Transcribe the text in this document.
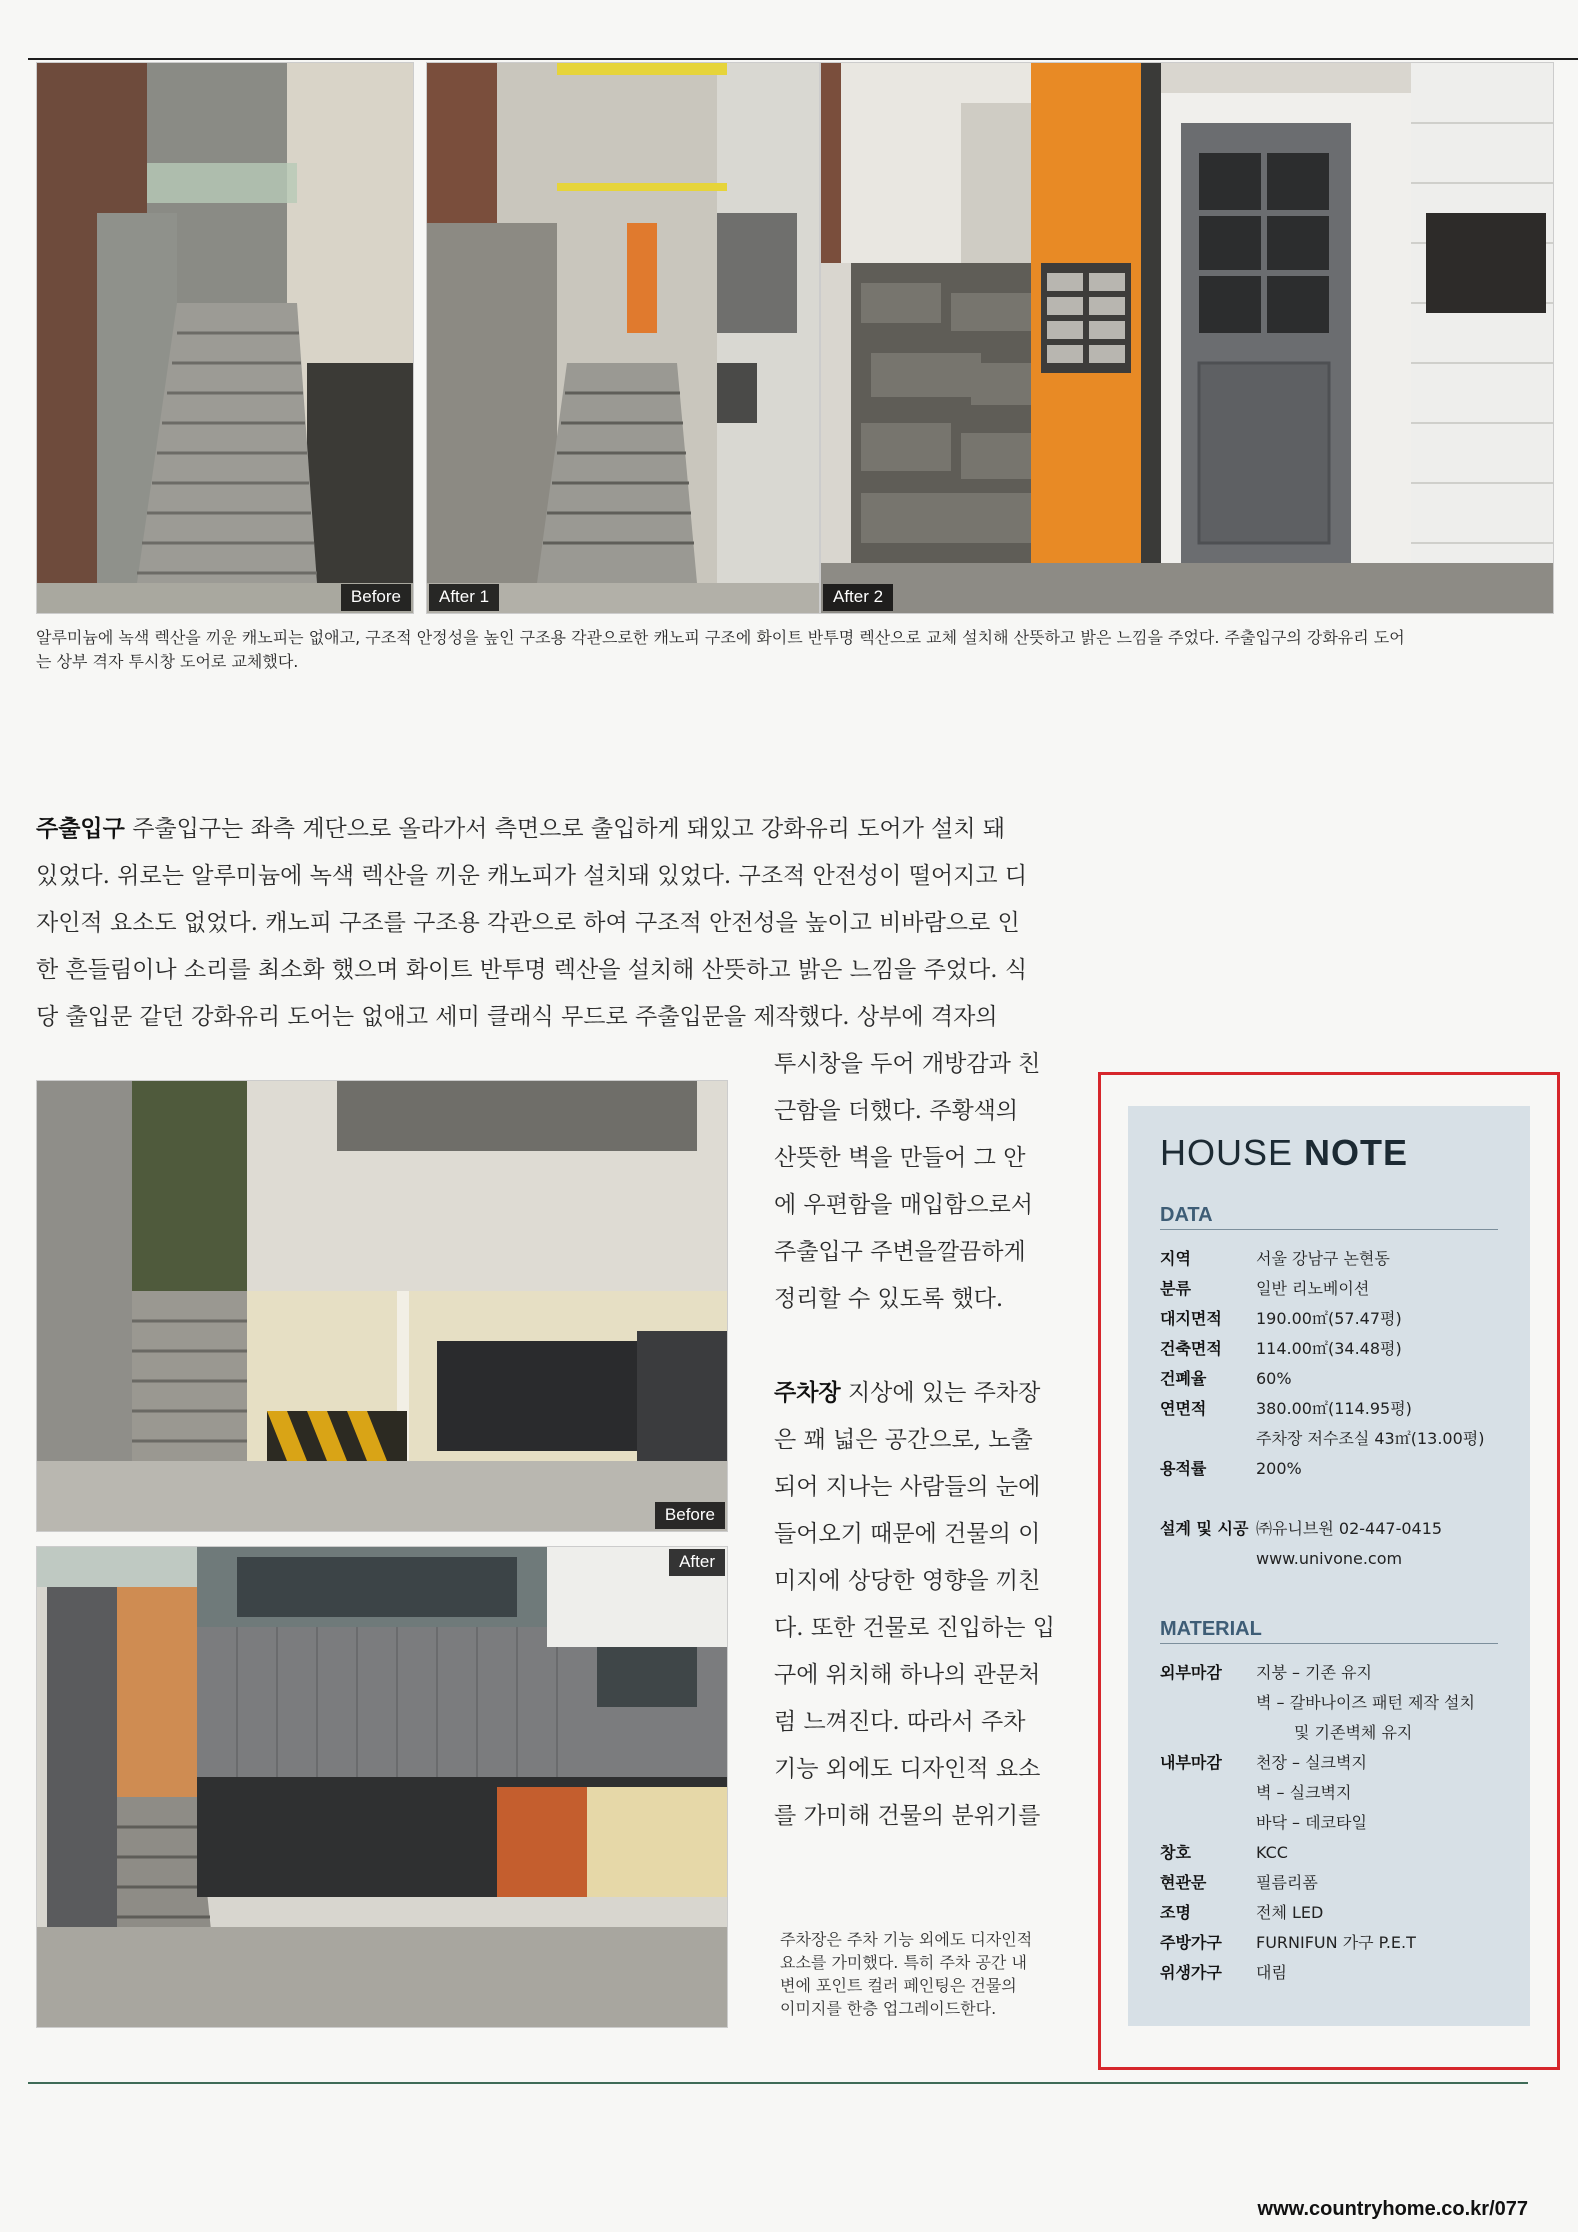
Before	After 1	After 2
알루미늄에 녹색 렉산을 끼운 캐노피는 없애고, 구조적 안정성을 높인 구조용 각관으로한 캐노피 구조에 화이트 반투명 렉산으로 교체 설치해 산뜻하고 밝은 느낌을 주었다. 주출입구의 강화유리 도어
는 상부 격자 투시창 도어로 교체했다.
주출입구 주출입구는 좌측 계단으로 올라가서 측면으로 출입하게 돼있고 강화유리 도어가 설치 돼
있었다. 위로는 알루미늄에 녹색 렉산을 끼운 캐노피가 설치돼 있었다. 구조적 안전성이 떨어지고 디
자인적 요소도 없었다. 캐노피 구조를 구조용 각관으로 하여 구조적 안전성을 높이고 비바람으로 인
한 흔들림이나 소리를 최소화 했으며 화이트 반투명 렉산을 설치해 산뜻하고 밝은 느낌을 주었다. 식
당 출입문 같던 강화유리 도어는 없애고 세미 클래식 무드로 주출입문을 제작했다. 상부에 격자의
투시창을 두어 개방감과 친
근함을 더했다. 주황색의
산뜻한 벽을 만들어 그 안
에 우편함을 매입함으로서
주출입구 주변을깔끔하게
정리할 수 있도록 했다.
주차장 지상에 있는 주차장
은 꽤 넓은 공간으로, 노출
되어 지나는 사람들의 눈에
들어오기 때문에 건물의 이
미지에 상당한 영향을 끼친
다. 또한 건물로 진입하는 입
구에 위치해 하나의 관문처
럼 느껴진다. 따라서 주차
기능 외에도 디자인적 요소
를 가미해 건물의 분위기를
Before
After
주차장은 주차 기능 외에도 디자인적
요소를 가미했다. 특히 주차 공간 내
변에 포인트 컬러 페인팅은 건물의
이미지를 한층 업그레이드한다.
HOUSE NOTE
DATA
지역	서울 강남구 논현동
분류	일반 리노베이션
대지면적 190.00㎡(57.47평)
건축면적 114.00㎡(34.48평)
건폐율	60%
연면적	380.00㎡(114.95평)
주차장 저수조실 43㎡(13.00평)
용적률	200%
설계 및 시공 ㈜유니브원 02-447-0415
www.univone.com
MATERIAL
외부마감 지붕 – 기존 유지
벽 – 갈바나이즈 패턴 제작 설치
및 기존벽체 유지
내부마감 천장 – 실크벽지
벽 – 실크벽지
바닥 – 데코타일
창호	KCC
현관문	필름리폼
조명	전체 LED
주방가구 FURNIFUN 가구 P.E.T
위생가구 대림
www.countryhome.co.kr/077
